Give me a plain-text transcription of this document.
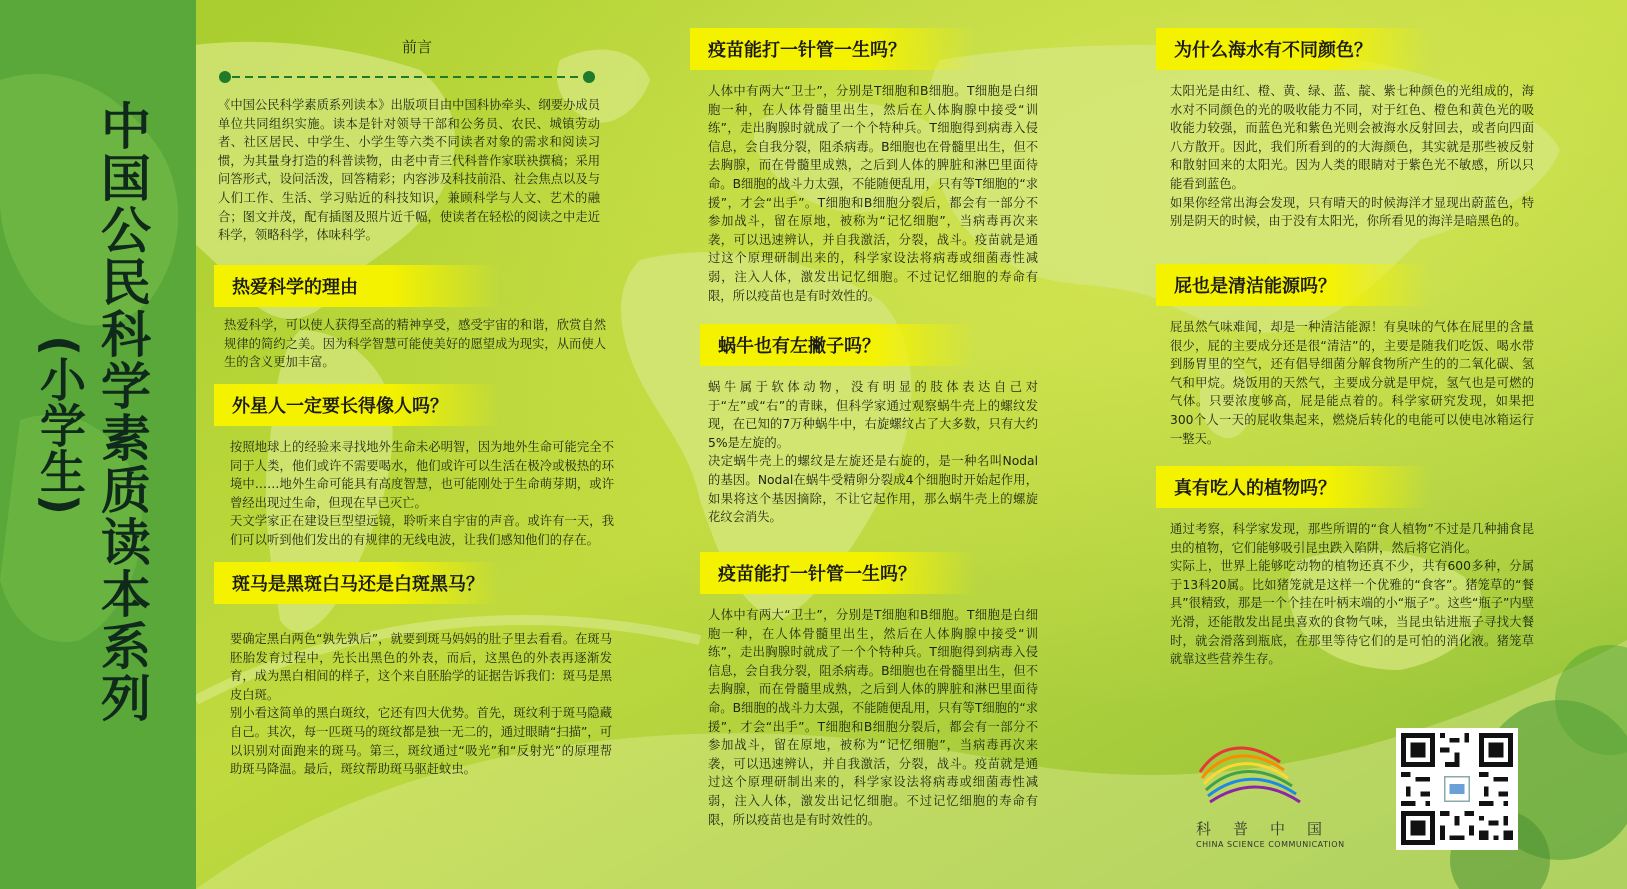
中国公民科学素质读本系列
(小学生)
前言

《中国公民科学素质系列读本》出版项目由中国科协牵头、纲要办成员单位共同组织实施。读本是针对领导干部和公务员、农民、城镇劳动者、社区居民、中学生、小学生等六类不同读者对象的需求和阅读习惯，为其量身打造的科普读物，由老中青三代科普作家联袂撰稿；采用问答形式，设问活泼，回答精彩；内容涉及科技前沿、社会焦点以及与人们工作、生活、学习贴近的科技知识，兼顾科学与人文、艺术的融合；图文并茂，配有插图及照片近千幅，使读者在轻松的阅读之中走近科学，领略科学，体味科学。

热爱科学的理由

热爱科学，可以使人获得至高的精神享受，感受宇宙的和谐，欣赏自然规律的简约之美。因为科学智慧可能使美好的愿望成为现实，从而使人生的含义更加丰富。

外星人一定要长得像人吗？

按照地球上的经验来寻找地外生命未必明智，因为地外生命可能完全不同于人类，他们或许不需要喝水，他们或许可以生活在极冷或极热的环境中……地外生命可能具有高度智慧，也可能刚处于生命萌芽期，或许曾经出现过生命，但现在早已灭亡。

天文学家正在建设巨型望远镜，聆听来自宇宙的声音。或许有一天，我们可以听到他们发出的有规律的无线电波，让我们感知他们的存在。

斑马是黑斑白马还是白斑黑马？

要确定黑白两色“孰先孰后”，就要到斑马妈妈的肚子里去看看。在斑马胚胎发育过程中，先长出黑色的外表，而后，这黑色的外表再逐渐发育，成为黑白相间的样子，这个来自胚胎学的证据告诉我们：斑马是黑皮白斑。

别小看这简单的黑白斑纹，它还有四大优势。首先，斑纹利于斑马隐藏自己。其次，每一匹斑马的斑纹都是独一无二的，通过眼睛“扫描”，可以识别对面跑来的斑马。第三，斑纹通过“吸光”和“反射光”的原理帮助斑马降温。最后，斑纹帮助斑马驱赶蚊虫。

疫苗能打一针管一生吗？

人体中有两大“卫士”，分别是T细胞和B细胞。T细胞是白细胞一种，在人体骨髓里出生，然后在人体胸腺中接受“训练”，走出胸腺时就成了一个个特种兵。T细胞得到病毒入侵信息，会自我分裂，阻杀病毒。B细胞也在骨髓里出生，但不去胸腺，而在骨髓里成熟，之后到人体的脾脏和淋巴里面待命。B细胞的战斗力太强，不能随便乱用，只有等T细胞的“求援”，才会“出手”。T细胞和B细胞分裂后，都会有一部分不参加战斗，留在原地，被称为“记忆细胞”，当病毒再次来袭，可以迅速辨认，并自我激活，分裂，战斗。疫苗就是通过这个原理研制出来的，科学家设法将病毒或细菌毒性减弱，注入人体，激发出记忆细胞。不过记忆细胞的寿命有限，所以疫苗也是有时效性的。

蜗牛也有左撇子吗？

蜗牛属于软体动物，没有明显的肢体表达自己对于“左”或“右”的青睐，但科学家通过观察蜗牛壳上的螺纹发现，在已知的7万种蜗牛中，右旋螺纹占了大多数，只有大约5%是左旋的。

决定蜗牛壳上的螺纹是左旋还是右旋的，是一种名叫Nodal的基因。Nodal在蜗牛受精卵分裂成4个细胞时开始起作用，如果将这个基因摘除，不让它起作用，那么蜗牛壳上的螺旋花纹会消失。

疫苗能打一针管一生吗？

人体中有两大“卫士”，分别是T细胞和B细胞。T细胞是白细胞一种，在人体骨髓里出生，然后在人体胸腺中接受“训练”，走出胸腺时就成了一个个特种兵。T细胞得到病毒入侵信息，会自我分裂，阻杀病毒。B细胞也在骨髓里出生，但不去胸腺，而在骨髓里成熟，之后到人体的脾脏和淋巴里面待命。B细胞的战斗力太强，不能随便乱用，只有等T细胞的“求援”，才会“出手”。T细胞和B细胞分裂后，都会有一部分不参加战斗，留在原地，被称为“记忆细胞”，当病毒再次来袭，可以迅速辨认，并自我激活，分裂，战斗。疫苗就是通过这个原理研制出来的，科学家设法将病毒或细菌毒性减弱，注入人体，激发出记忆细胞。不过记忆细胞的寿命有限，所以疫苗也是有时效性的。

为什么海水有不同颜色？

太阳光是由红、橙、黄、绿、蓝、靛、紫七种颜色的光组成的，海水对不同颜色的光的吸收能力不同，对于红色、橙色和黄色光的吸收能力较强，而蓝色光和紫色光则会被海水反射回去，或者向四面八方散开。因此，我们所看到的的大海颜色，其实就是那些被反射和散射回来的太阳光。因为人类的眼睛对于紫色光不敏感，所以只能看到蓝色。

如果你经常出海会发现，只有晴天的时候海洋才显现出蔚蓝色，特别是阴天的时候，由于没有太阳光，你所看见的海洋是暗黑色的。

屁也是清洁能源吗？

屁虽然气味难闻，却是一种清洁能源！有臭味的气体在屁里的含量很少，屁的主要成分还是很“清洁”的，主要是随我们吃饭、喝水带到肠胃里的空气，还有倡导细菌分解食物所产生的的二氧化碳、氢气和甲烷。烧饭用的天然气，主要成分就是甲烷，氢气也是可燃的气体。只要浓度够高，屁是能点着的。科学家研究发现，如果把300个人一天的屁收集起来，燃烧后转化的电能可以使电冰箱运行一整天。

真有吃人的植物吗？

通过考察，科学家发现，那些所谓的“食人植物”不过是几种捕食昆虫的植物，它们能够吸引昆虫跌入陷阱，然后将它消化。

实际上，世界上能够吃动物的植物还真不少，共有600多种，分属于13科20属。比如猪笼就是这样一个优雅的“食客”。猪笼草的“餐具”很精致，那是一个个挂在叶柄末端的小“瓶子”。这些“瓶子”内壁光滑，还能散发出昆虫喜欢的食物气味，当昆虫钻进瓶子寻找大餐时，就会滑落到瓶底，在那里等待它们的是可怕的消化液。猪笼草就靠这些营养生存。

科普中国
CHINA SCIENCE COMMUNICATION
